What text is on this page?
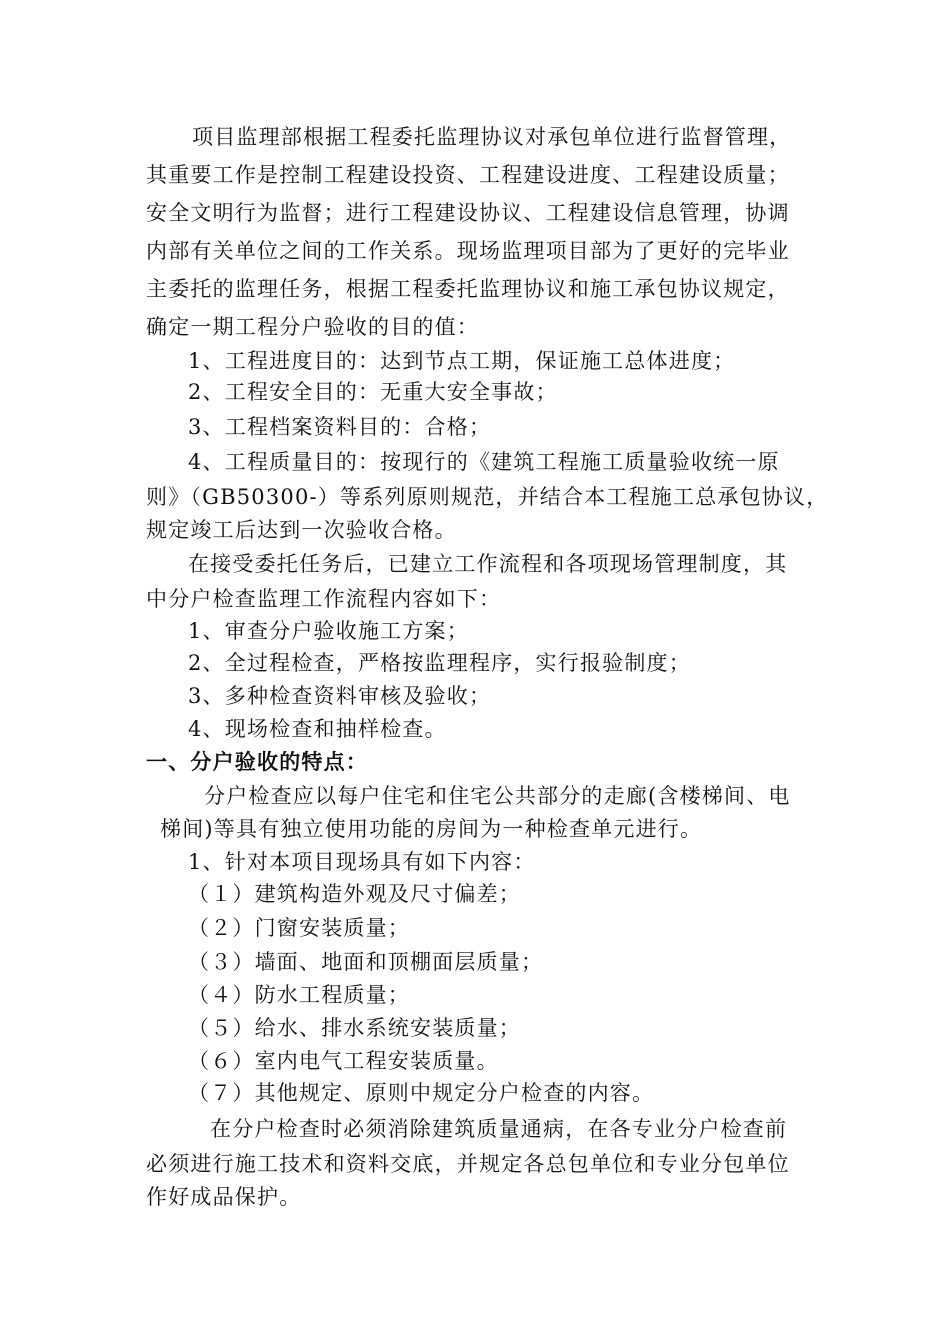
项目监理部根据工程委托监理协议对承包单位进行监督管理，
其重要工作是控制工程建设投资、工程建设进度、工程建设质量；
安全文明行为监督；进行工程建设协议、工程建设信息管理，协调
内部有关单位之间的工作关系。现场监理项目部为了更好的完毕业
主委托的监理任务，根据工程委托监理协议和施工承包协议规定，
确定一期工程分户验收的目的值：
1、工程进度目的：达到节点工期，保证施工总体进度；
2、工程安全目的：无重大安全事故；
3、工程档案资料目的：合格；
4、工程质量目的：按现行的《建筑工程施工质量验收统一原
则》（GB50300-）等系列原则规范，并结合本工程施工总承包协议，
规定竣工后达到一次验收合格。
在接受委托任务后，已建立工作流程和各项现场管理制度，其
中分户检查监理工作流程内容如下：
1、审查分户验收施工方案；
2、全过程检查，严格按监理程序，实行报验制度；
3、多种检查资料审核及验收；
4、现场检查和抽样检查。
一、分户验收的特点：
分户检查应以每户住宅和住宅公共部分的走廊(含楼梯间、电
梯间)等具有独立使用功能的房间为一种检查单元进行。
1、针对本项目现场具有如下内容：
（１）建筑构造外观及尺寸偏差；
（２）门窗安装质量；
（３）墙面、地面和顶棚面层质量；
（４）防水工程质量；
（５）给水、排水系统安装质量；
（６）室内电气工程安装质量。
（７）其他规定、原则中规定分户检查的内容。
在分户检查时必须消除建筑质量通病，在各专业分户检查前
必须进行施工技术和资料交底，并规定各总包单位和专业分包单位
作好成品保护。
